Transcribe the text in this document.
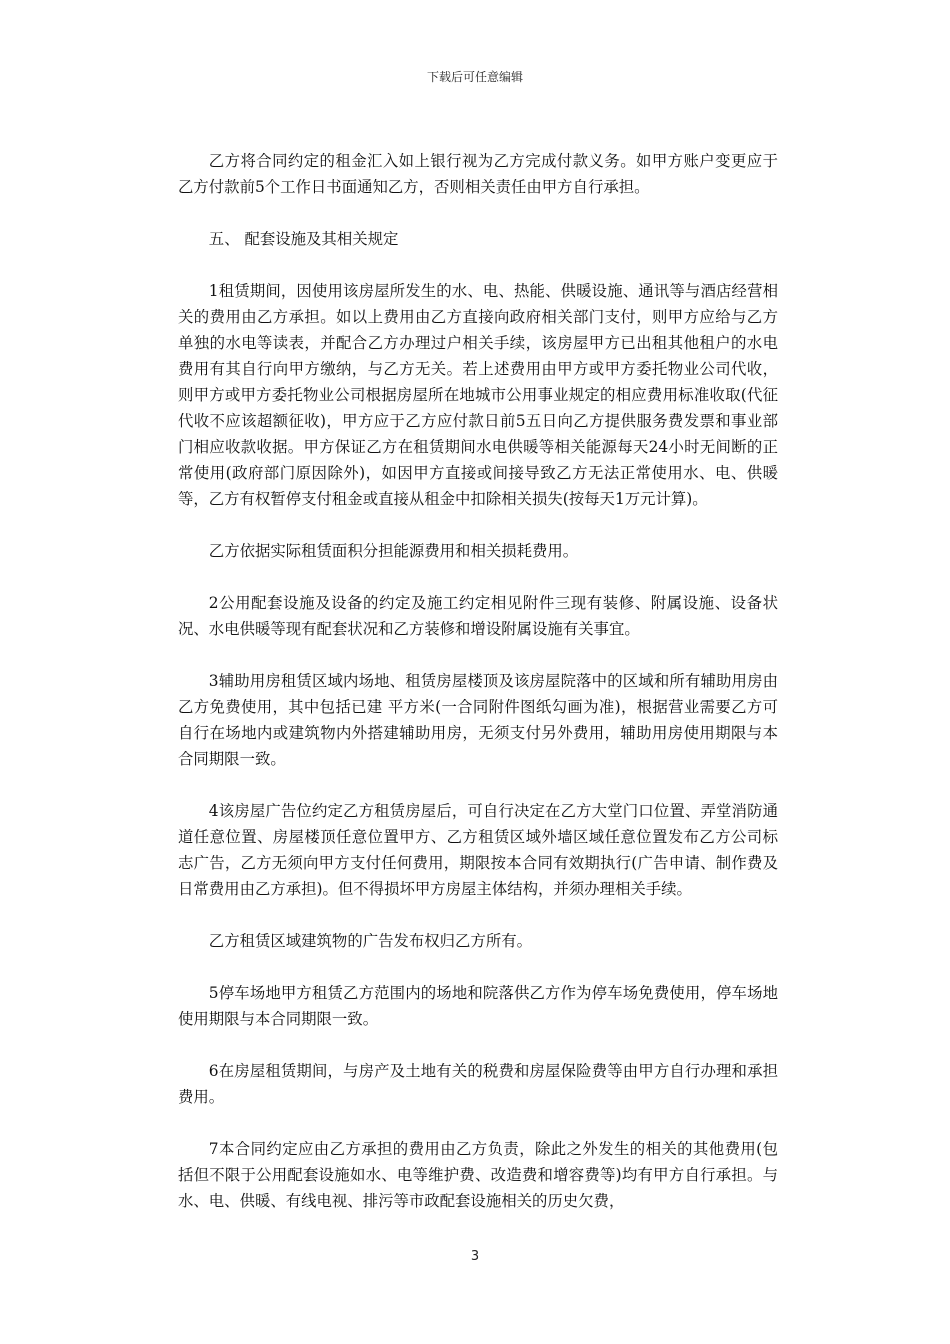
下载后可任意编辑

乙方将合同约定的租金汇入如上银行视为乙方完成付款义务。如甲方账户变更应于乙方付款前5个工作日书面通知乙方，否则相关责任由甲方自行承担。

五、 配套设施及其相关规定

1租赁期间，因使用该房屋所发生的水、电、热能、供暖设施、通讯等与酒店经营相关的费用由乙方承担。如以上费用由乙方直接向政府相关部门支付，则甲方应给与乙方单独的水电等读表，并配合乙方办理过户相关手续，该房屋甲方已出租其他租户的水电费用有其自行向甲方缴纳，与乙方无关。若上述费用由甲方或甲方委托物业公司代收，则甲方或甲方委托物业公司根据房屋所在地城市公用事业规定的相应费用标准收取(代征代收不应该超额征收)，甲方应于乙方应付款日前5五日向乙方提供服务费发票和事业部门相应收款收据。甲方保证乙方在租赁期间水电供暖等相关能源每天24小时无间断的正常使用(政府部门原因除外)，如因甲方直接或间接导致乙方无法正常使用水、电、供暖等，乙方有权暂停支付租金或直接从租金中扣除相关损失(按每天1万元计算)。

乙方依据实际租赁面积分担能源费用和相关损耗费用。

2公用配套设施及设备的约定及施工约定相见附件三现有装修、附属设施、设备状况、水电供暖等现有配套状况和乙方装修和增设附属设施有关事宜。

3辅助用房租赁区域内场地、租赁房屋楼顶及该房屋院落中的区域和所有辅助用房由乙方免费使用，其中包括已建 平方米(一合同附件图纸勾画为准)，根据营业需要乙方可自行在场地内或建筑物内外搭建辅助用房，无须支付另外费用，辅助用房使用期限与本合同期限一致。

4该房屋广告位约定乙方租赁房屋后，可自行决定在乙方大堂门口位置、弄堂消防通道任意位置、房屋楼顶任意位置甲方、乙方租赁区域外墙区域任意位置发布乙方公司标志广告，乙方无须向甲方支付任何费用，期限按本合同有效期执行(广告申请、制作费及日常费用由乙方承担)。但不得损坏甲方房屋主体结构，并须办理相关手续。

乙方租赁区域建筑物的广告发布权归乙方所有。

5停车场地甲方租赁乙方范围内的场地和院落供乙方作为停车场免费使用，停车场地使用期限与本合同期限一致。

6在房屋租赁期间，与房产及土地有关的税费和房屋保险费等由甲方自行办理和承担费用。

7本合同约定应由乙方承担的费用由乙方负责，除此之外发生的相关的其他费用(包括但不限于公用配套设施如水、电等维护费、改造费和增容费等)均有甲方自行承担。与水、电、供暖、有线电视、排污等市政配套设施相关的历史欠费，

3
